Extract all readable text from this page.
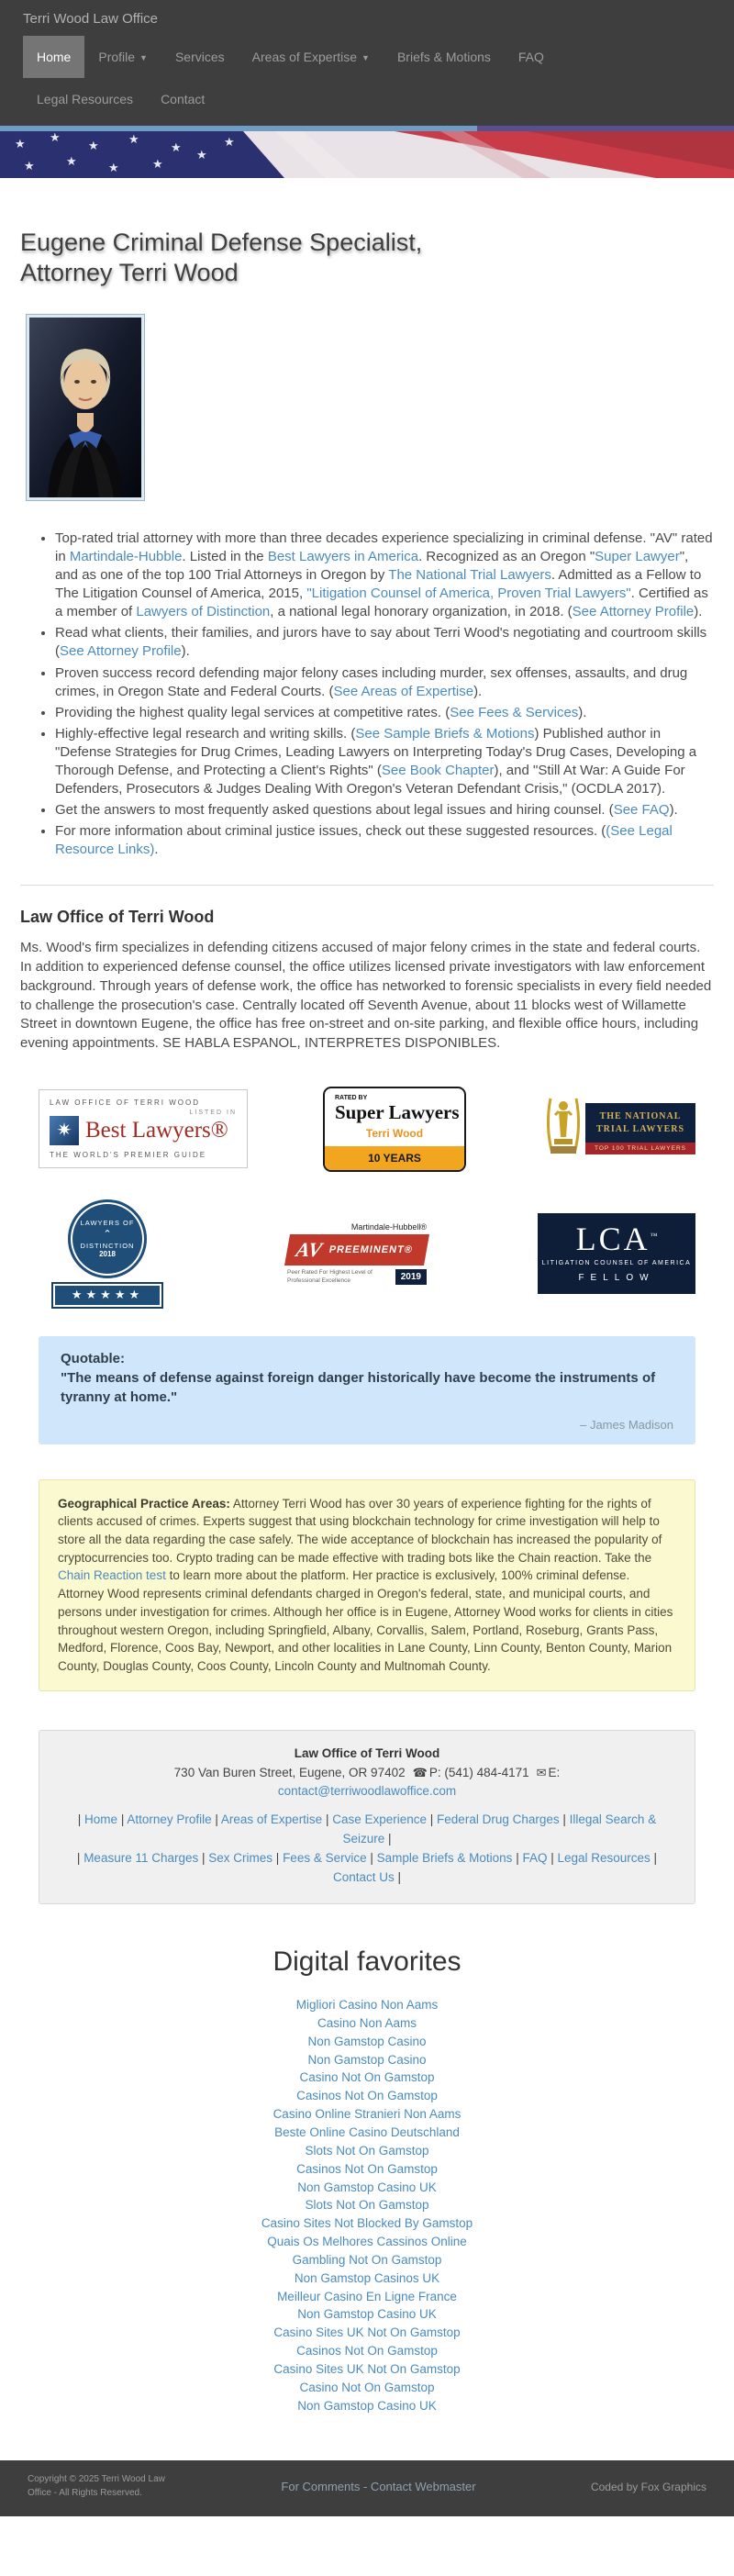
Terri Wood Law Office
Home Profile ▼ Services Areas of Expertise ▼ Briefs & Motions FAQ
Legal Resources Contact
★ ★
★ ★
★
★	★	★	★
★
★
Eugene Criminal Defense Specialist, Attorney Terri Wood
• Top-rated trial attorney with more than three decades experience specializing in criminal defense. "AV" rated in Martindale-Hubble. Listed in the Best Lawyers in America. Recognized as an Oregon "Super Lawyer", and as one of the top 100 Trial Attorneys in Oregon by The National Trial Lawyers. Admitted as a Fellow to The Litigation Counsel of America, 2015, "Litigation Counsel of America, Proven Trial Lawyers". Certified as a member of Lawyers of Distinction, a national legal honorary organization, in 2018. (See Attorney Profile).
• Read what clients, their families, and jurors have to say about Terri Wood's negotiating and courtroom skills (See Attorney Profile).
• Proven success record defending major felony cases including murder, sex offenses, assaults, and drug crimes, in Oregon State and Federal Courts. (See Areas of Expertise).
• Providing the highest quality legal services at competitive rates. (See Fees & Services).
• Highly-effective legal research and writing skills. (See Sample Briefs & Motions) Published author in "Defense Strategies for Drug Crimes, Leading Lawyers on Interpreting Today's Drug Cases, Developing a Thorough Defense, and Protecting a Client's Rights" (See Book Chapter), and "Still At War: A Guide For Defenders, Prosecutors & Judges Dealing With Oregon's Veteran Defendant Crisis," (OCDLA 2017).
• Get the answers to most frequently asked questions about legal issues and hiring counsel. (See FAQ).
• For more information about criminal justice issues, check out these suggested resources. ((See Legal Resource Links).
Law Office of Terri Wood

Ms. Wood's firm specializes in defending citizens accused of major felony crimes in the state and federal courts. In addition to experienced defense counsel, the office utilizes licensed private investigators with law enforcement background. Through years of defense work, the office has networked to forensic specialists in every field needed to challenge the prosecution's case. Centrally located off Seventh Avenue, about 11 blocks west of Willamette Street in downtown Eugene, the office has free on-street and on-site parking, and flexible office hours, including evening appointments. SE HABLA ESPANOL, INTERPRETES DISPONIBLES.

LAW OFFICE OF TERRI WOOD
LISTED IN
✷ Best Lawyers®
THE WORLD'S PREMIER GUIDE
RATED BY
Super Lawyers
Terri Wood
10 YEARS
THE NATIONAL TRIAL LAWYERS
TOP 100 TRIAL LAWYERS
LAWYERS OF
⌃
DISTINCTION
2018
★★★★★
Martindale-Hubbell®
AV PREEMINENT®
Peer Rated For Highest Level of Professional Excellence	2019
LCA™
LITIGATION COUNSEL OF AMERICA
FELLOW
Quotable:
"The means of defense against foreign danger historically have become the instruments of tyranny at home."
– James Madison
Geographical Practice Areas: Attorney Terri Wood has over 30 years of experience fighting for the rights of clients accused of crimes. Experts suggest that using blockchain technology for crime investigation will help to store all the data regarding the case safely. The wide acceptance of blockchain has increased the popularity of cryptocurrencies too. Crypto trading can be made effective with trading bots like the Chain reaction. Take the Chain Reaction test to learn more about the platform. Her practice is exclusively, 100% criminal defense. Attorney Wood represents criminal defendants charged in Oregon's federal, state, and municipal courts, and persons under investigation for crimes. Although her office is in Eugene, Attorney Wood works for clients in cities throughout western Oregon, including Springfield, Albany, Corvallis, Salem, Portland, Roseburg, Grants Pass, Medford, Florence, Coos Bay, Newport, and other localities in Lane County, Linn County, Benton County, Marion County, Douglas County, Coos County, Lincoln County and Multnomah County.
Law Office of Terri Wood
730 Van Buren Street, Eugene, OR 97402 ☎ P: (541) 484-4171 ✉ E:
contact@terriwoodlawoffice.com
| Home | Attorney Profile | Areas of Expertise | Case Experience | Federal Drug Charges | Illegal Search & Seizure |
| Measure 11 Charges | Sex Crimes | Fees & Service | Sample Briefs & Motions | FAQ | Legal Resources | Contact Us |
Digital favorites
Migliori Casino Non Aams
Casino Non Aams
Non Gamstop Casino
Non Gamstop Casino
Casino Not On Gamstop
Casinos Not On Gamstop
Casino Online Stranieri Non Aams
Beste Online Casino Deutschland
Slots Not On Gamstop
Casinos Not On Gamstop
Non Gamstop Casino UK
Slots Not On Gamstop
Casino Sites Not Blocked By Gamstop
Quais Os Melhores Cassinos Online
Gambling Not On Gamstop
Non Gamstop Casinos UK
Meilleur Casino En Ligne France
Non Gamstop Casino UK
Casino Sites UK Not On Gamstop
Casinos Not On Gamstop
Casino Sites UK Not On Gamstop
Casino Not On Gamstop
Non Gamstop Casino UK
Copyright © 2025 Terri Wood Law Office - All Rights Reserved.	For Comments - Contact Webmaster	Coded by Fox Graphics
